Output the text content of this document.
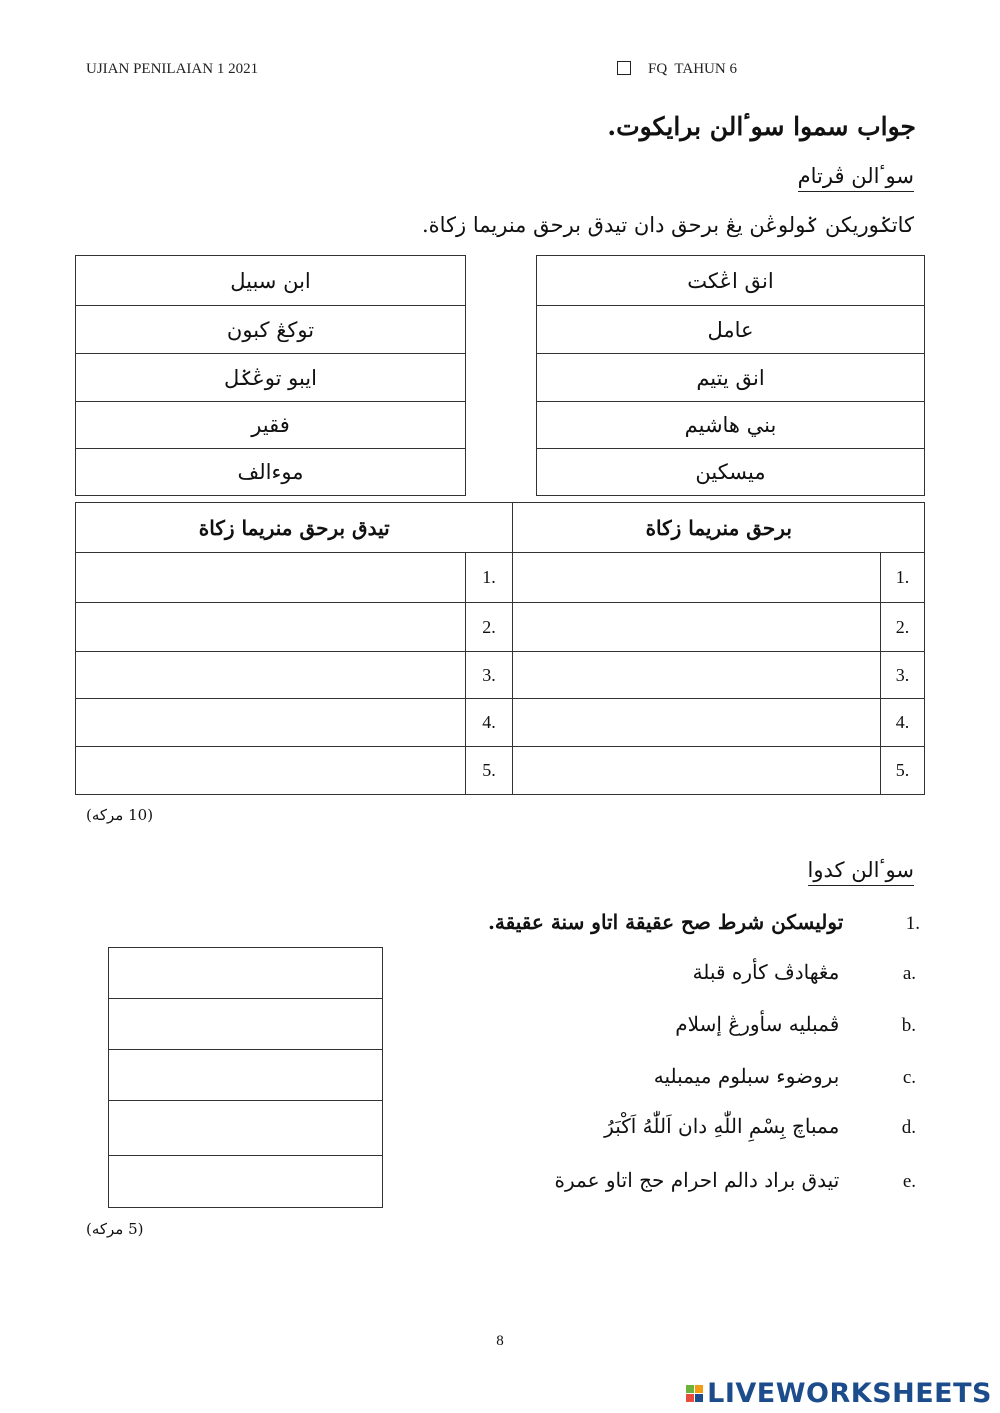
UJIAN PENILAIAN 1 2021	FQ  TAHUN 6
جواب سموا سوٴالن برايكوت.
سوٴالن ڤرتام
كاتݢوريكن ݢولوڠن يڠ برحق دان تيدق برحق منريما زكاة.
ابن سبيل
توكڠ كبون
ايبو توڠݢل
فقير
موءالف
انق اڠكت
عامل
انق يتيم
بني هاشيم
ميسکين
تيدق برحق منريما زكاة		برحق منريما زكاة	
	1.		1.
	2.		2.
	3.		3.
	4.		4.
	5.		5.
(10 مرکه)
سوٴالن كدوا
1.  توليسكن شرط صح عقيقة اتاو سنة عقيقة.
a.  مڠهادڤ كأره قبلة
b.  ڤمبليه سأورڠ إسلام
c.  بروضوء سبلوم ميمبليه
d.  ممباچ بِسْمِ اللّٰهِ دان اَللّٰهُ اَكْبَرُ
e.  تيدق براد دالم احرام حج اتاو عمرة
(5 مرکه)
8
LIVEWORKSHEETS
